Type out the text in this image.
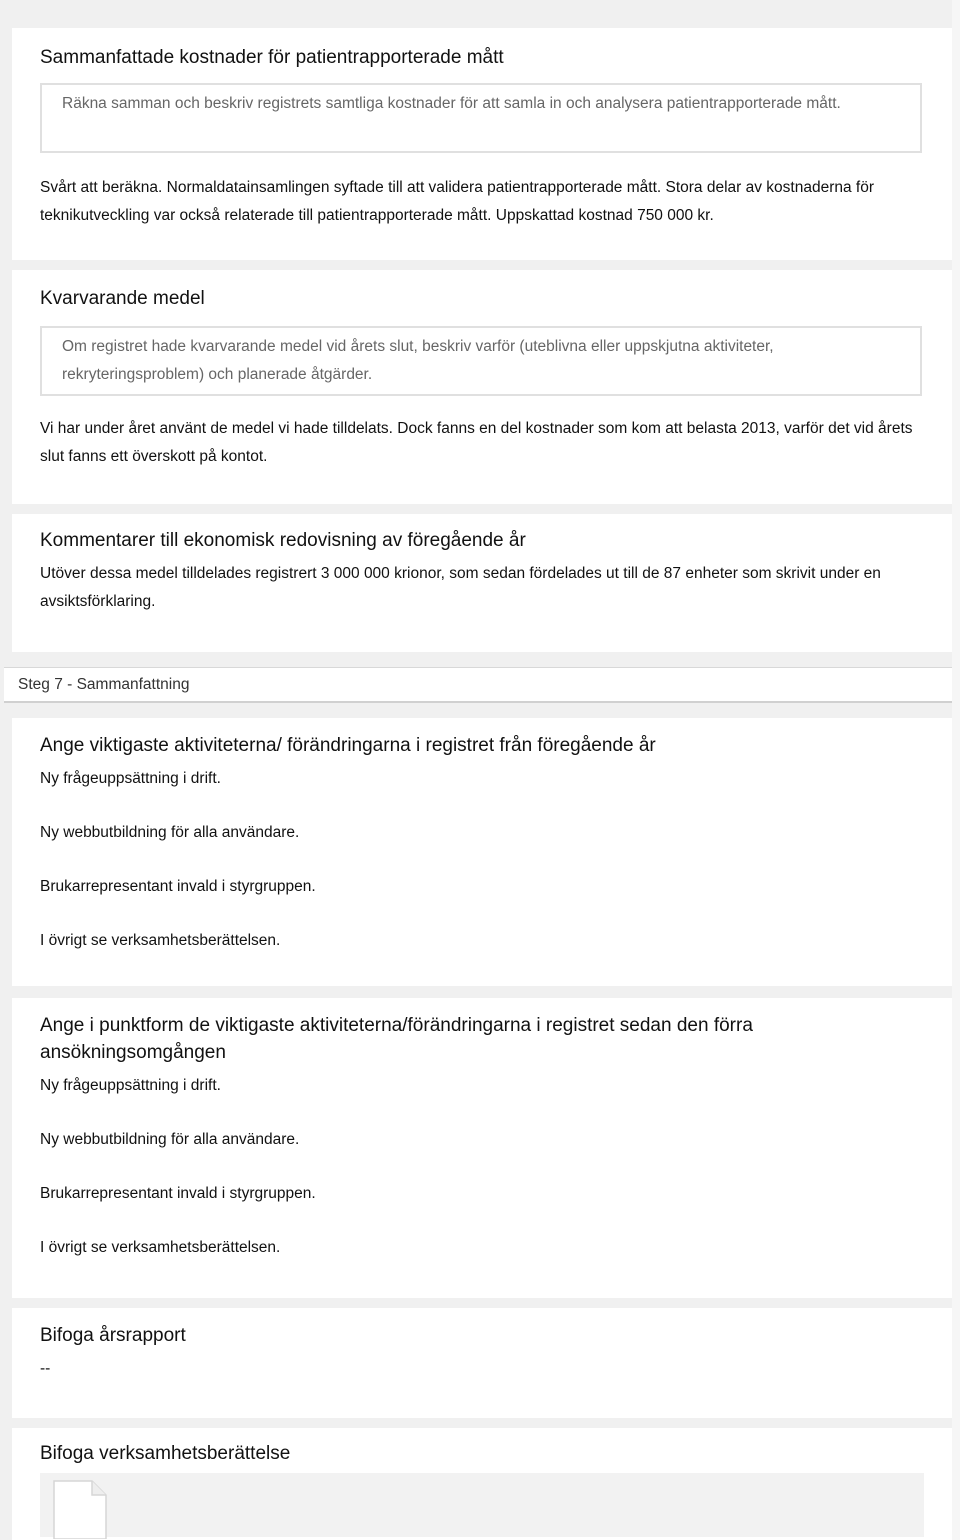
Sammanfattade kostnader för patientrapporterade mått
Räkna samman och beskriv registrets samtliga kostnader för att samla in och analysera patientrapporterade mått.

Svårt att beräkna. Normaldatainsamlingen syftade till att validera patientrapporterade mått. Stora delar av kostnaderna för teknikutveckling var också relaterade till patientrapporterade mått. Uppskattad kostnad 750 000 kr.

Kvarvarande medel
Om registret hade kvarvarande medel vid årets slut, beskriv varför (uteblivna eller uppskjutna aktiviteter, rekryteringsproblem) och planerade åtgärder.

Vi har under året använt de medel vi hade tilldelats. Dock fanns en del kostnader som kom att belasta 2013, varför det vid årets slut fanns ett överskott på kontot.

Kommentarer till ekonomisk redovisning av föregående år

Utöver dessa medel tilldelades registrert 3 000 000 krionor, som sedan fördelades ut till de 87 enheter som skrivit under en avsiktsförklaring.

Steg 7 - Sammanfattning
Ange viktigaste aktiviteterna/ förändringarna i registret från föregående år

Ny frågeuppsättning i drift.

Ny webbutbildning för alla användare.

Brukarrepresentant invald i styrgruppen.

I övrigt se verksamhetsberättelsen.

Ange i punktform de viktigaste aktiviteterna/förändringarna i registret sedan den förra ansökningsomgången

Ny frågeuppsättning i drift.

Ny webbutbildning för alla användare.

Brukarrepresentant invald i styrgruppen.

I övrigt se verksamhetsberättelsen.

Bifoga årsrapport

--

Bifoga verksamhetsberättelse
